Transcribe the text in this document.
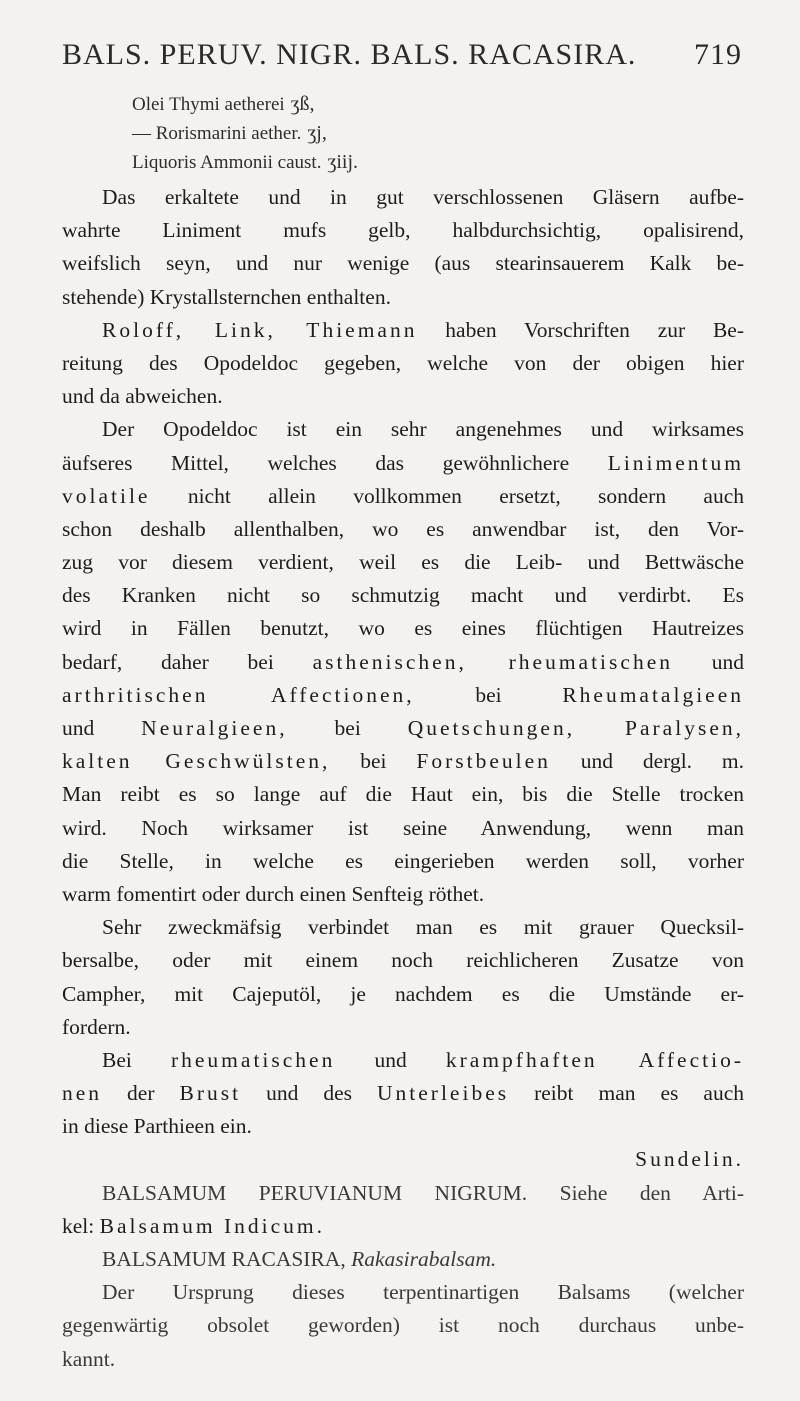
BALS. PERUV. NIGR. BALS. RACASIRA. 719
Olei Thymi aetherei ʒß,
— Rorismarini aether. ʒj,
Liquoris Ammonii caust. ʒiij.
Das erkaltete und in gut verschlossenen Gläsern aufbe-
wahrte Liniment mufs gelb, halbdurchsichtig, opalisirend,
weifslich seyn, und nur wenige (aus stearinsauerem Kalk be-
stehende) Krystallsternchen enthalten.
Roloff, Link, Thiemann haben Vorschriften zur Be-
reitung des Opodeldoc gegeben, welche von der obigen hier
und da abweichen.
Der Opodeldoc ist ein sehr angenehmes und wirksames
äufseres Mittel, welches das gewöhnlichere Linimentum
volatile nicht allein vollkommen ersetzt, sondern auch
schon deshalb allenthalben, wo es anwendbar ist, den Vor-
zug vor diesem verdient, weil es die Leib- und Bettwäsche
des Kranken nicht so schmutzig macht und verdirbt. Es
wird in Fällen benutzt, wo es eines flüchtigen Hautreizes
bedarf, daher bei asthenischen, rheumatischen und
arthritischen Affectionen,	bei	Rheumatalgieen
und Neuralgieen, bei Quetschungen, Paralysen,
kalten Geschwülsten, bei Forstbeulen und dergl. m.
Man reibt es so lange auf die Haut ein, bis die Stelle trocken
wird. Noch wirksamer ist seine Anwendung, wenn man
die Stelle, in welche es eingerieben werden soll, vorher
warm fomentirt oder durch einen Senfteig röthet.
Sehr zweckmäfsig verbindet man es mit grauer Quecksil-
bersalbe, oder mit einem noch reichlicheren Zusatze von
Campher, mit Cajeputöl, je nachdem es die Umstände er-
fordern.
Bei rheumatischen und krampfhaften Affectio-
nen der Brust und des Unterleibes reibt man es auch
in diese Parthieen ein.
Sundelin.
BALSAMUM PERUVIANUM NIGRUM. Siehe den Arti-
kel: Balsamum Indicum.
BALSAMUM RACASIRA, Rakasirabalsam.
Der Ursprung dieses terpentinartigen Balsams (welcher
gegenwärtig obsolet geworden) ist noch durchaus unbe-
kannt.
